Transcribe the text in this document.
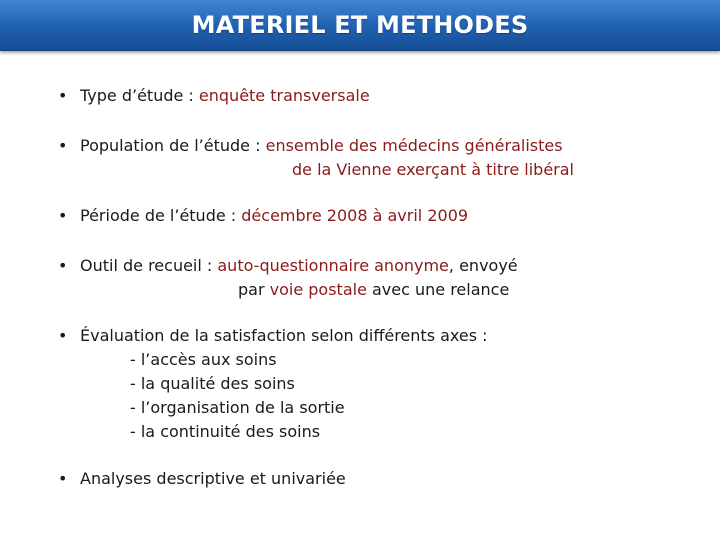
MATERIEL ET METHODES
• Type d’étude : enquête transversale
• Population de l’étude : ensemble des médecins généralistes
de la Vienne exerçant à titre libéral
• Période de l’étude : décembre 2008 à avril 2009
• Outil de recueil : auto-questionnaire anonyme, envoyé
par voie postale avec une relance
• Évaluation de la satisfaction selon différents axes :
- l’accès aux soins
- la qualité des soins
- l’organisation de la sortie
- la continuité des soins
• Analyses descriptive et univariée
